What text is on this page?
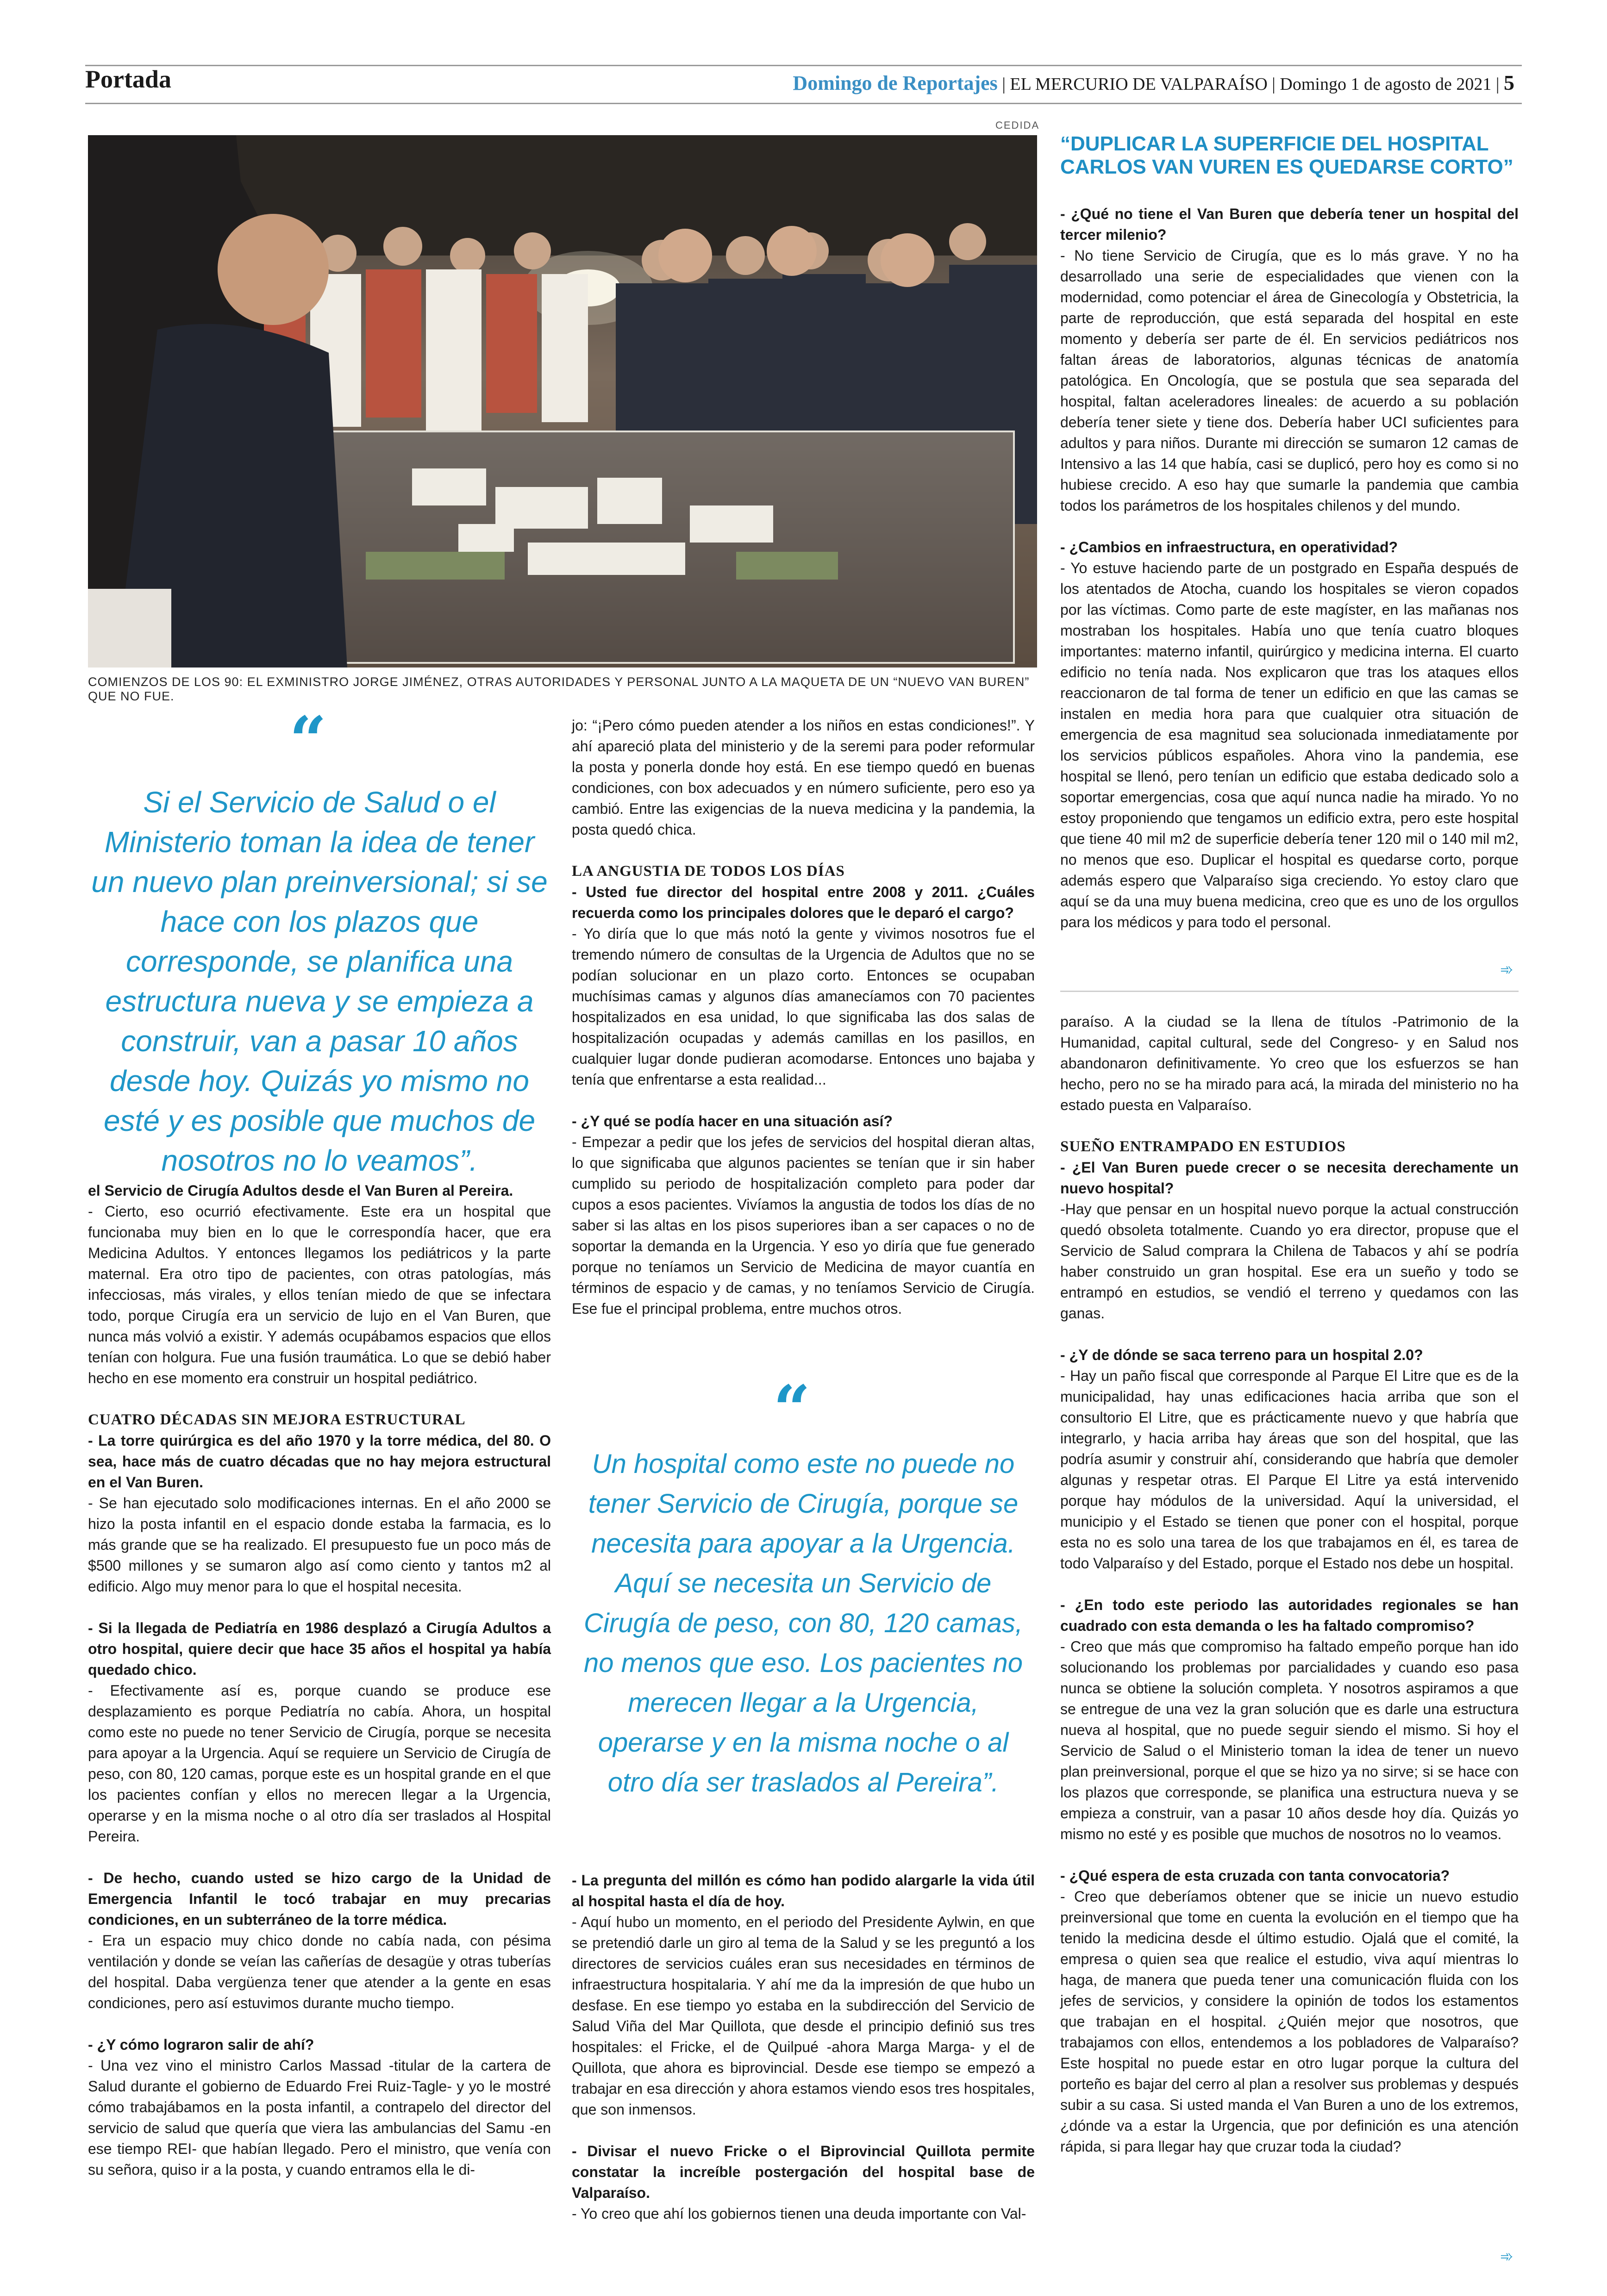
Portada	Domingo de Reportajes | EL MERCURIO DE VALPARAÍSO | Domingo 1 de agosto de 2021 | 5
CEDIDA
COMIENZOS DE LOS 90: EL EXMINISTRO JORGE JIMÉNEZ, OTRAS AUTORIDADES Y PERSONAL JUNTO A LA MAQUETA DE UN “NUEVO VAN BUREN” QUE NO FUE.
“
Si el Servicio de Salud o el Ministerio toman la idea de tener un nuevo plan preinversional; si se hace con los plazos que corresponde, se planifica una estructura nueva y se empieza a construir, van a pasar 10 años desde hoy. Quizás yo mismo no esté y es posible que muchos de nosotros no lo veamos”.

el Servicio de Cirugía Adultos desde el Van Buren al Pereira.
- Cierto, eso ocurrió efectivamente. Este era un hospital que funcionaba muy bien en lo que le correspondía hacer, que era Medicina Adultos. Y entonces llegamos los pediátricos y la parte maternal. Era otro tipo de pacientes, con otras patologías, más infecciosas, más virales, y ellos tenían miedo de que se infectara todo, porque Cirugía era un servicio de lujo en el Van Buren, que nunca más volvió a existir. Y además ocupábamos espacios que ellos tenían con holgura. Fue una fusión traumática. Lo que se debió haber hecho en ese momento era construir un hospital pediátrico.

CUATRO DÉCADAS SIN MEJORA ESTRUCTURAL

- La torre quirúrgica es del año 1970 y la torre médica, del 80. O sea, hace más de cuatro décadas que no hay mejora estructural en el Van Buren.
- Se han ejecutado solo modificaciones internas. En el año 2000 se hizo la posta infantil en el espacio donde estaba la farmacia, es lo más grande que se ha realizado. El presupuesto fue un poco más de $500 millones y se sumaron algo así como ciento y tantos m2 al edificio. Algo muy menor para lo que el hospital necesita.

- Si la llegada de Pediatría en 1986 desplazó a Cirugía Adultos a otro hospital, quiere decir que hace 35 años el hospital ya había quedado chico.
- Efectivamente así es, porque cuando se produce ese desplazamiento es porque Pediatría no cabía. Ahora, un hospital como este no puede no tener Servicio de Cirugía, porque se necesita para apoyar a la Urgencia. Aquí se requiere un Servicio de Cirugía de peso, con 80, 120 camas, porque este es un hospital grande en el que los pacientes confían y ellos no merecen llegar a la Urgencia, operarse y en la misma noche o al otro día ser traslados al Hospital Pereira.

- De hecho, cuando usted se hizo cargo de la Unidad de Emergencia Infantil le tocó trabajar en muy precarias condiciones, en un subterráneo de la torre médica.
- Era un espacio muy chico donde no cabía nada, con pésima ventilación y donde se veían las cañerías de desagüe y otras tuberías del hospital. Daba vergüenza tener que atender a la gente en esas condiciones, pero así estuvimos durante mucho tiempo.

- ¿Y cómo lograron salir de ahí?
- Una vez vino el ministro Carlos Massad -titular de la cartera de Salud durante el gobierno de Eduardo Frei Ruiz-Tagle- y yo le mostré cómo trabajábamos en la posta infantil, a contrapelo del director del servicio de salud que quería que viera las ambulancias del Samu -en ese tiempo REI- que habían llegado. Pero el ministro, que venía con su señora, quiso ir a la posta, y cuando entramos ella le di-

jo: “¡Pero cómo pueden atender a los niños en estas condiciones!”. Y ahí apareció plata del ministerio y de la seremi para poder reformular la posta y ponerla donde hoy está. En ese tiempo quedó en buenas condiciones, con box adecuados y en número suficiente, pero eso ya cambió. Entre las exigencias de la nueva medicina y la pandemia, la posta quedó chica.

LA ANGUSTIA DE TODOS LOS DÍAS

- Usted fue director del hospital entre 2008 y 2011. ¿Cuáles recuerda como los principales dolores que le deparó el cargo?
- Yo diría que lo que más notó la gente y vivimos nosotros fue el tremendo número de consultas de la Urgencia de Adultos que no se podían solucionar en un plazo corto. Entonces se ocupaban muchísimas camas y algunos días amanecíamos con 70 pacientes hospitalizados en esa unidad, lo que significaba las dos salas de hospitalización ocupadas y además camillas en los pasillos, en cualquier lugar donde pudieran acomodarse. Entonces uno bajaba y tenía que enfrentarse a esta realidad...

- ¿Y qué se podía hacer en una situación así?
- Empezar a pedir que los jefes de servicios del hospital dieran altas, lo que significaba que algunos pacientes se tenían que ir sin haber cumplido su periodo de hospitalización completo para poder dar cupos a esos pacientes. Vivíamos la angustia de todos los días de no saber si las altas en los pisos superiores iban a ser capaces o no de soportar la demanda en la Urgencia. Y eso yo diría que fue generado porque no teníamos un Servicio de Medicina de mayor cuantía en términos de espacio y de camas, y no teníamos Servicio de Cirugía. Ese fue el principal problema, entre muchos otros.

“
Un hospital como este no puede no tener Servicio de Cirugía, porque se necesita para apoyar a la Urgencia. Aquí se necesita un Servicio de Cirugía de peso, con 80, 120 camas, no menos que eso. Los pacientes no merecen llegar a la Urgencia, operarse y en la misma noche o al otro día ser traslados al Pereira”.

- La pregunta del millón es cómo han podido alargarle la vida útil al hospital hasta el día de hoy.
- Aquí hubo un momento, en el periodo del Presidente Aylwin, en que se pretendió darle un giro al tema de la Salud y se les preguntó a los directores de servicios cuáles eran sus necesidades en términos de infraestructura hospitalaria. Y ahí me da la impresión de que hubo un desfase. En ese tiempo yo estaba en la subdirección del Servicio de Salud Viña del Mar Quillota, que desde el principio definió sus tres hospitales: el Fricke, el de Quilpué -ahora Marga Marga- y el de Quillota, que ahora es biprovincial. Desde ese tiempo se empezó a trabajar en esa dirección y ahora estamos viendo esos tres hospitales, que son inmensos.

- Divisar el nuevo Fricke o el Biprovincial Quillota permite constatar la increíble postergación del hospital base de Valparaíso.
- Yo creo que ahí los gobiernos tienen una deuda importante con Val-

“DUPLICAR LA SUPERFICIE DEL HOSPITAL CARLOS VAN VUREN ES QUEDARSE CORTO”

- ¿Qué no tiene el Van Buren que debería tener un hospital del tercer milenio?
- No tiene Servicio de Cirugía, que es lo más grave. Y no ha desarrollado una serie de especialidades que vienen con la modernidad, como potenciar el área de Ginecología y Obstetricia, la parte de reproducción, que está separada del hospital en este momento y debería ser parte de él. En servicios pediátricos nos faltan áreas de laboratorios, algunas técnicas de anatomía patológica. En Oncología, que se postula que sea separada del hospital, faltan aceleradores lineales: de acuerdo a su población debería tener siete y tiene dos. Debería haber UCI suficientes para adultos y para niños. Durante mi dirección se sumaron 12 camas de Intensivo a las 14 que había, casi se duplicó, pero hoy es como si no hubiese crecido. A eso hay que sumarle la pandemia que cambia todos los parámetros de los hospitales chilenos y del mundo.

- ¿Cambios en infraestructura, en operatividad?
- Yo estuve haciendo parte de un postgrado en España después de los atentados de Atocha, cuando los hospitales se vieron copados por las víctimas. Como parte de este magíster, en las mañanas nos mostraban los hospitales. Había uno que tenía cuatro bloques importantes: materno infantil, quirúrgico y medicina interna. El cuarto edificio no tenía nada. Nos explicaron que tras los ataques ellos reaccionaron de tal forma de tener un edificio en que las camas se instalen en media hora para que cualquier otra situación de emergencia de esa magnitud sea solucionada inmediatamente por los servicios públicos españoles. Ahora vino la pandemia, ese hospital se llenó, pero tenían un edificio que estaba dedicado solo a soportar emergencias, cosa que aquí nunca nadie ha mirado. Yo no estoy proponiendo que tengamos un edificio extra, pero este hospital que tiene 40 mil m2 de superficie debería tener 120 mil o 140 mil m2, no menos que eso. Duplicar el hospital es quedarse corto, porque además espero que Valparaíso siga creciendo. Yo estoy claro que aquí se da una muy buena medicina, creo que es uno de los orgullos para los médicos y para todo el personal.

➾

paraíso. A la ciudad se la llena de títulos -Patrimonio de la Humanidad, capital cultural, sede del Congreso- y en Salud nos abandonaron definitivamente. Yo creo que los esfuerzos se han hecho, pero no se ha mirado para acá, la mirada del ministerio no ha estado puesta en Valparaíso.

SUEÑO ENTRAMPADO EN ESTUDIOS

- ¿El Van Buren puede crecer o se necesita derechamente un nuevo hospital?
-Hay que pensar en un hospital nuevo porque la actual construcción quedó obsoleta totalmente. Cuando yo era director, propuse que el Servicio de Salud comprara la Chilena de Tabacos y ahí se podría haber construido un gran hospital. Ese era un sueño y todo se entrampó en estudios, se vendió el terreno y quedamos con las ganas.

- ¿Y de dónde se saca terreno para un hospital 2.0?
- Hay un paño fiscal que corresponde al Parque El Litre que es de la municipalidad, hay unas edificaciones hacia arriba que son el consultorio El Litre, que es prácticamente nuevo y que habría que integrarlo, y hacia arriba hay áreas que son del hospital, que las podría asumir y construir ahí, considerando que habría que demoler algunas y respetar otras. El Parque El Litre ya está intervenido porque hay módulos de la universidad. Aquí la universidad, el municipio y el Estado se tienen que poner con el hospital, porque esta no es solo una tarea de los que trabajamos en él, es tarea de todo Valparaíso y del Estado, porque el Estado nos debe un hospital.

- ¿En todo este periodo las autoridades regionales se han cuadrado con esta demanda o les ha faltado compromiso?
- Creo que más que compromiso ha faltado empeño porque han ido solucionando los problemas por parcialidades y cuando eso pasa nunca se obtiene la solución completa. Y nosotros aspiramos a que se entregue de una vez la gran solución que es darle una estructura nueva al hospital, que no puede seguir siendo el mismo. Si hoy el Servicio de Salud o el Ministerio toman la idea de tener un nuevo plan preinversional, porque el que se hizo ya no sirve; si se hace con los plazos que corresponde, se planifica una estructura nueva y se empieza a construir, van a pasar 10 años desde hoy día. Quizás yo mismo no esté y es posible que muchos de nosotros no lo veamos.

- ¿Qué espera de esta cruzada con tanta convocatoria?
- Creo que deberíamos obtener que se inicie un nuevo estudio preinversional que tome en cuenta la evolución en el tiempo que ha tenido la medicina desde el último estudio. Ojalá que el comité, la empresa o quien sea que realice el estudio, viva aquí mientras lo haga, de manera que pueda tener una comunicación fluida con los jefes de servicios, y considere la opinión de todos los estamentos que trabajan en el hospital. ¿Quién mejor que nosotros, que trabajamos con ellos, entendemos a los pobladores de Valparaíso? Este hospital no puede estar en otro lugar porque la cultura del porteño es bajar del cerro al plan a resolver sus problemas y después subir a su casa. Si usted manda el Van Buren a uno de los extremos, ¿dónde va a estar la Urgencia, que por definición es una atención rápida, si para llegar hay que cruzar toda la ciudad?

➾
